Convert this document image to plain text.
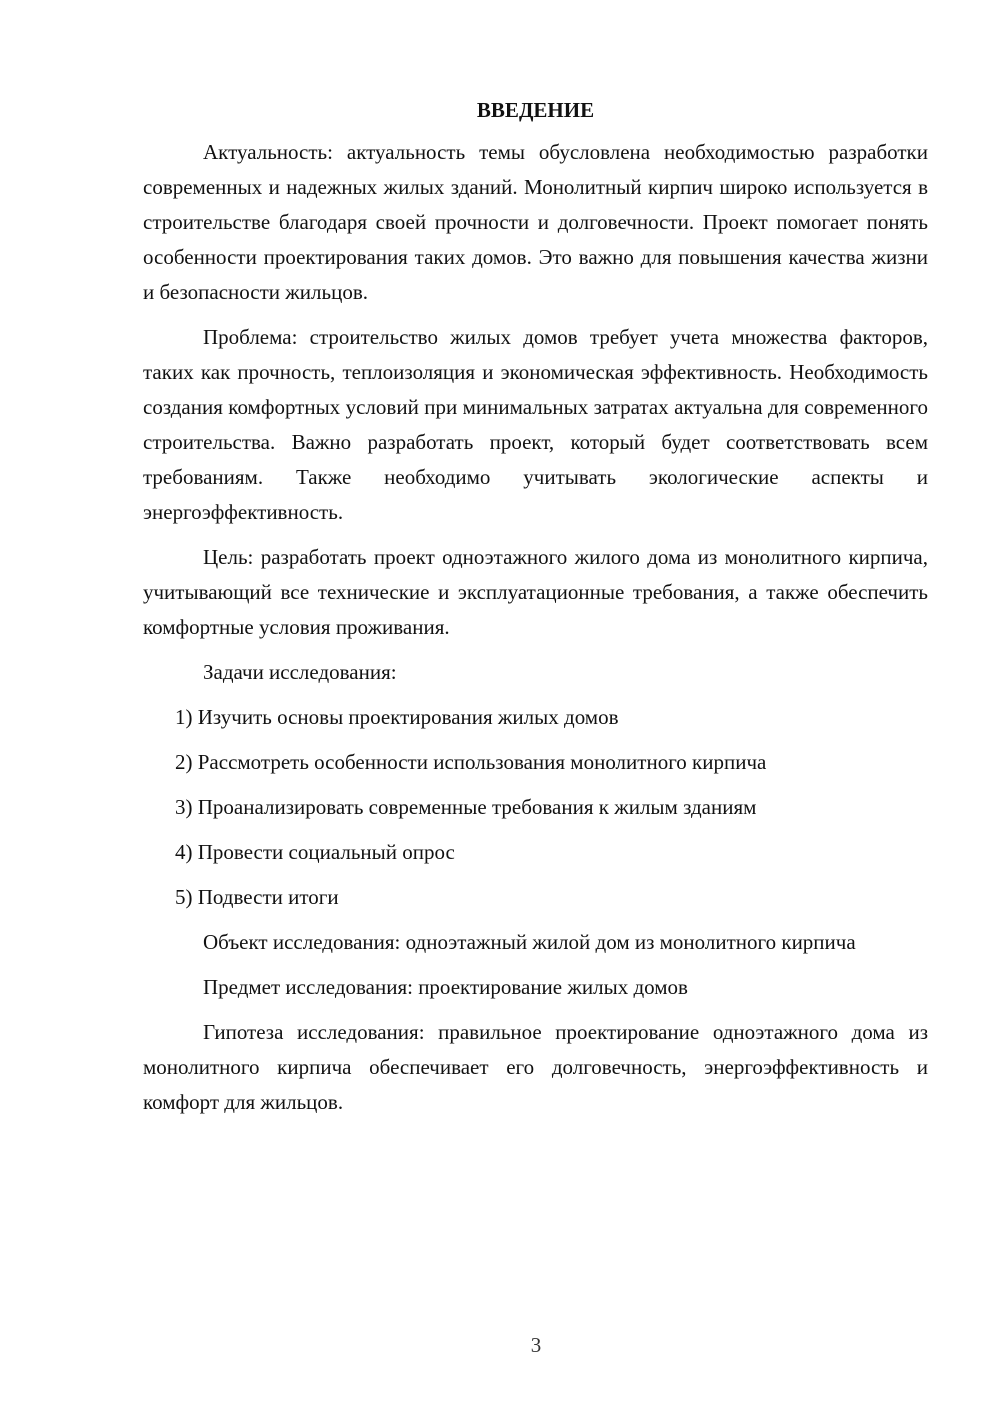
ВВЕДЕНИЕ

Актуальность: актуальность темы обусловлена необходимостью разработки современных и надежных жилых зданий. Монолитный кирпич широко используется в строительстве благодаря своей прочности и долговечности. Проект помогает понять особенности проектирования таких домов. Это важно для повышения качества жизни и безопасности жильцов.

Проблема: строительство жилых домов требует учета множества факторов, таких как прочность, теплоизоляция и экономическая эффективность. Необходимость создания комфортных условий при минимальных затратах актуальна для современного строительства. Важно разработать проект, который будет соответствовать всем требованиям. Также необходимо учитывать экологические аспекты и энергоэффективность.

Цель: разработать проект одноэтажного жилого дома из монолитного кирпича, учитывающий все технические и эксплуатационные требования, а также обеспечить комфортные условия проживания.

Задачи исследования:

1) Изучить основы проектирования жилых домов
2) Рассмотреть особенности использования монолитного кирпича
3) Проанализировать современные требования к жилым зданиям
4) Провести социальный опрос
5) Подвести итоги

Объект исследования: одноэтажный жилой дом из монолитного кирпича

Предмет исследования: проектирование жилых домов

Гипотеза исследования: правильное проектирование одноэтажного дома из монолитного кирпича обеспечивает его долговечность, энергоэффективность и комфорт для жильцов.

3
